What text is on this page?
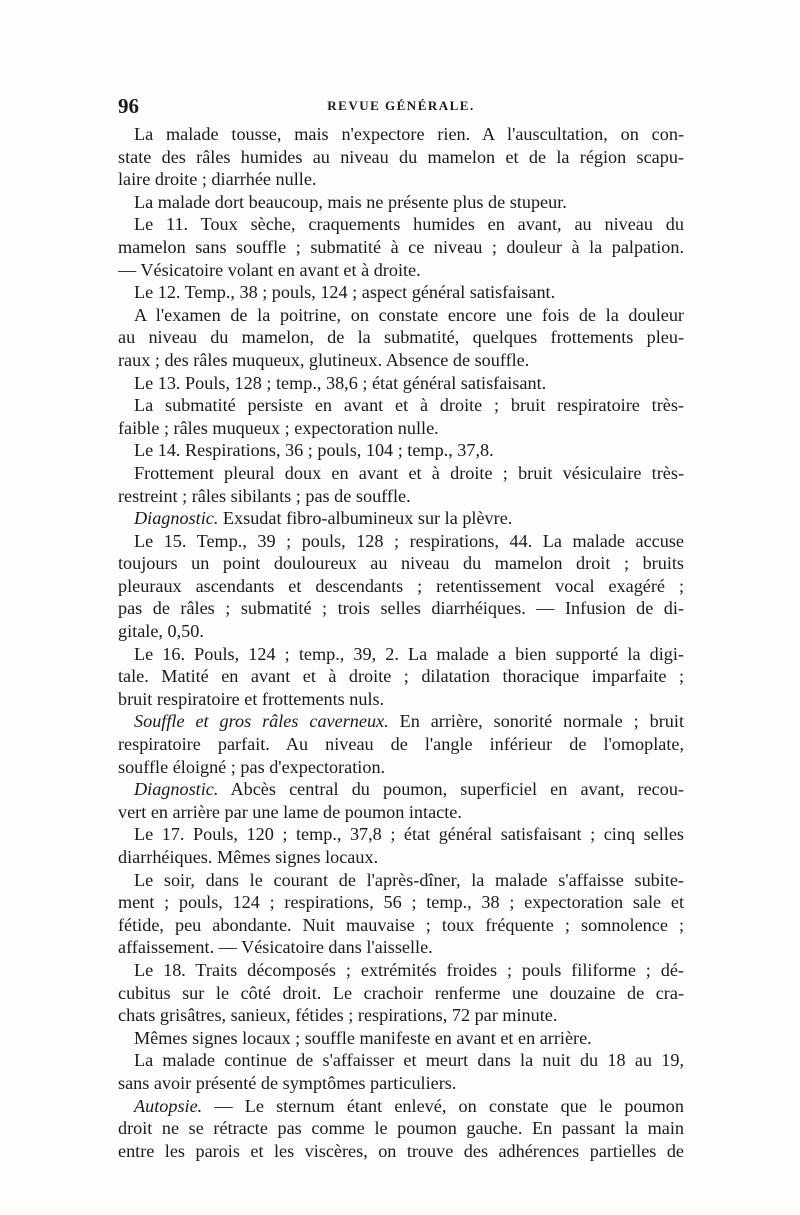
96	REVUE GÉNÉRALE.
La malade tousse, mais n'expectore rien. A l'auscultation, on con-
state des râles humides au niveau du mamelon et de la région scapu-
laire droite ; diarrhée nulle.
La malade dort beaucoup, mais ne présente plus de stupeur.
Le 11. Toux sèche, craquements humides en avant, au niveau du
mamelon sans souffle ; submatité à ce niveau ; douleur à la palpation.
— Vésicatoire volant en avant et à droite.
Le 12. Temp., 38 ; pouls, 124 ; aspect général satisfaisant.
A l'examen de la poitrine, on constate encore une fois de la douleur
au niveau du mamelon, de la submatité, quelques frottements pleu-
raux ; des râles muqueux, glutineux. Absence de souffle.
Le 13. Pouls, 128 ; temp., 38,6 ; état général satisfaisant.
La submatité persiste en avant et à droite ; bruit respiratoire très-
faible ; râles muqueux ; expectoration nulle.
Le 14. Respirations, 36 ; pouls, 104 ; temp., 37,8.
Frottement pleural doux en avant et à droite ; bruit vésiculaire très-
restreint ; râles sibilants ; pas de souffle.
Diagnostic. Exsudat fibro-albumineux sur la plèvre.
Le 15. Temp., 39 ; pouls, 128 ; respirations, 44. La malade accuse
toujours un point douloureux au niveau du mamelon droit ; bruits
pleuraux ascendants et descendants ; retentissement vocal exagéré ;
pas de râles ; submatité ; trois selles diarrhéiques. — Infusion de di-
gitale, 0,50.
Le 16. Pouls, 124 ; temp., 39, 2. La malade a bien supporté la digi-
tale. Matité en avant et à droite ; dilatation thoracique imparfaite ;
bruit respiratoire et frottements nuls.
Souffle et gros râles caverneux. En arrière, sonorité normale ; bruit
respiratoire parfait. Au niveau de l'angle inférieur de l'omoplate,
souffle éloigné ; pas d'expectoration.
Diagnostic. Abcès central du poumon, superficiel en avant, recou-
vert en arrière par une lame de poumon intacte.
Le 17. Pouls, 120 ; temp., 37,8 ; état général satisfaisant ; cinq selles
diarrhéiques. Mêmes signes locaux.
Le soir, dans le courant de l'après-dîner, la malade s'affaisse subite-
ment ; pouls, 124 ; respirations, 56 ; temp., 38 ; expectoration sale et
fétide, peu abondante. Nuit mauvaise ; toux fréquente ; somnolence ;
affaissement. — Vésicatoire dans l'aisselle.
Le 18. Traits décomposés ; extrémités froides ; pouls filiforme ; dé-
cubitus sur le côté droit. Le crachoir renferme une douzaine de cra-
chats grisâtres, sanieux, fétides ; respirations, 72 par minute.
Mêmes signes locaux ; souffle manifeste en avant et en arrière.
La malade continue de s'affaisser et meurt dans la nuit du 18 au 19,
sans avoir présenté de symptômes particuliers.
Autopsie. — Le sternum étant enlevé, on constate que le poumon
droit ne se rétracte pas comme le poumon gauche. En passant la main
entre les parois et les viscères, on trouve des adhérences partielles de
